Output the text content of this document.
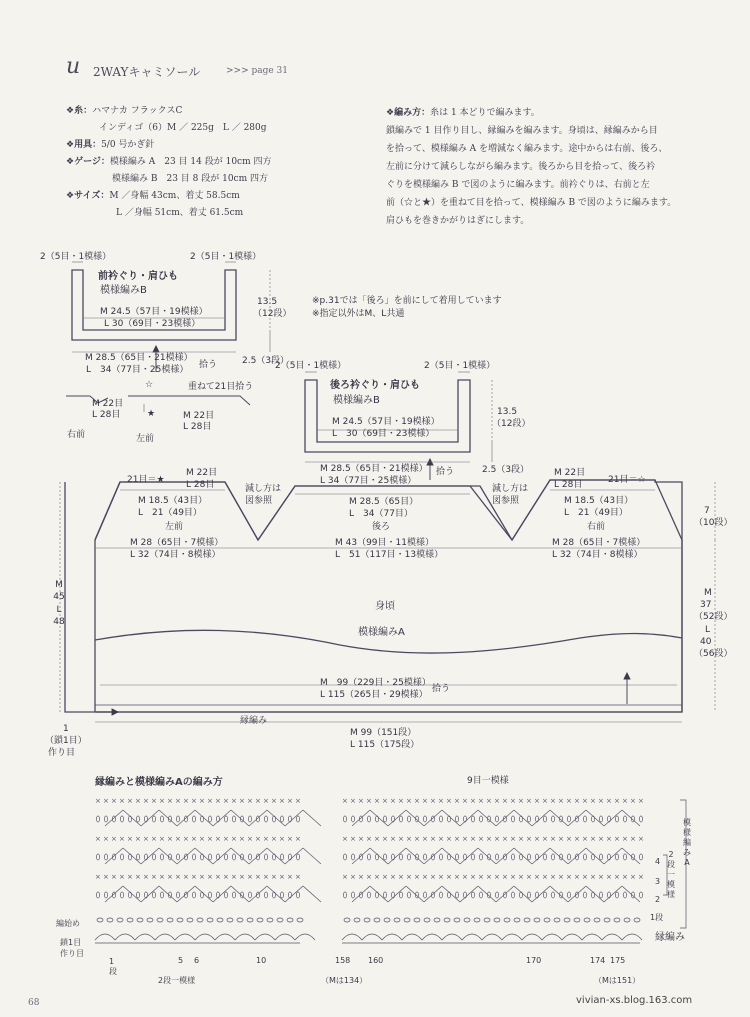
u 2WAYキャミソール	>>> page 31
❖糸：ハマナカ フラックスC
インディゴ（6）M ／ 225g　L ／ 280g
❖用具：5/0 号かぎ針
❖ゲージ：模様編み A　23 目 14 段が 10cm 四方
模様編み B　23 目 8 段が 10cm 四方
❖サイズ：M ／身幅 43cm、着丈 58.5cm
L ／身幅 51cm、着丈 61.5cm
❖編み方：糸は 1 本どりで編みます。
鎖編みで 1 目作り目し、縁編みを編みます。身頃は、縁編みから目
を拾って、模様編み A を増減なく編みます。途中からは右前、後ろ、
左前に分けて減らしながら編みます。後ろから目を拾って、後ろ衿
ぐりを模様編み B で図のように編みます。前衿ぐりは、右前と左
前（☆と★）を重ねて目を拾って、模様編み B で図のように編みます。
肩ひもを巻きかがりはぎにします。
2（5目・1模様）	2（5目・1模様）
前衿ぐり・肩ひも
模様編みB
M 24.5（57目・19模様）
L 30（69目・23模様）
13.5
（12段）
M 28.5（65目・21模様）
L　34（77目・25模様） 拾う	2.5（3段）
重ねて21目拾う
☆
★
M 22目
L 28目	M 22目
L 28目
右前	左前
※p.31では「後ろ」を前にして着用しています
※指定以外はM、L共通
2（5目・1模様）	2（5目・1模様）
後ろ衿ぐり・肩ひも
模様編みB
M 24.5（57目・19模様）
L　30（69目・23模様）
13.5
（12段）
M 28.5（65目・21模様）
L 34（77目・25模様）
拾う	2.5（3段）
21目＝★
M 22目
L 28目	減し方は
図参照
M 18.5（43目）
L　21（49目）
左前
M 28（65目・7模様）
L 32（74目・8模様）
M 28.5（65目）
L　34（77目）
後ろ
M 43（99目・11模様）
L　51（117目・13模様）
減し方は
図参照
M 22目
L 28目	21目＝☆
M 18.5（43目）
L　21（49目）
右前
M 28（65目・7模様）
L 32（74目・8模様）
身頃
模様編みA
M　99（229目・25模様）
L 115（265目・29模様）
拾う
縁編み
M 99（151段）
L 115（175段）
M
45
L
48
1
（鎖1目）
作り目
7
（10段）
M
37
（52段）
L
40
（56段）
縁編みと模様編みAの編み方	9目一模様
× × × × × × × × × × × × × × × × × × × × × × × × × ×
× × × × × × × × × × × × × × × × × × × × × × × × × ×
× × × × × × × × × × × × × × × × × × × × × × × × × ×
× × × × × × × × × × × × × × × × × × × × × × × × × × × × × × × × × × × × × ×
× × × × × × × × × × × × × × × × × × × × × × × × × × × × × × × × × × × × × ×
× × × × × × × × × × × × × × × × × × × × × × × × × × × × × × × × × × × × × ×
模
様
編
み
A
2
段
一
模
様
4
3
2
1段
縁編み
編始め
鎖1目
作り目
1
段
5 6	10
2段一模様
158
（Mは134）
160	170	174 175
（Mは151）
68	vivian-xs.blog.163.com
